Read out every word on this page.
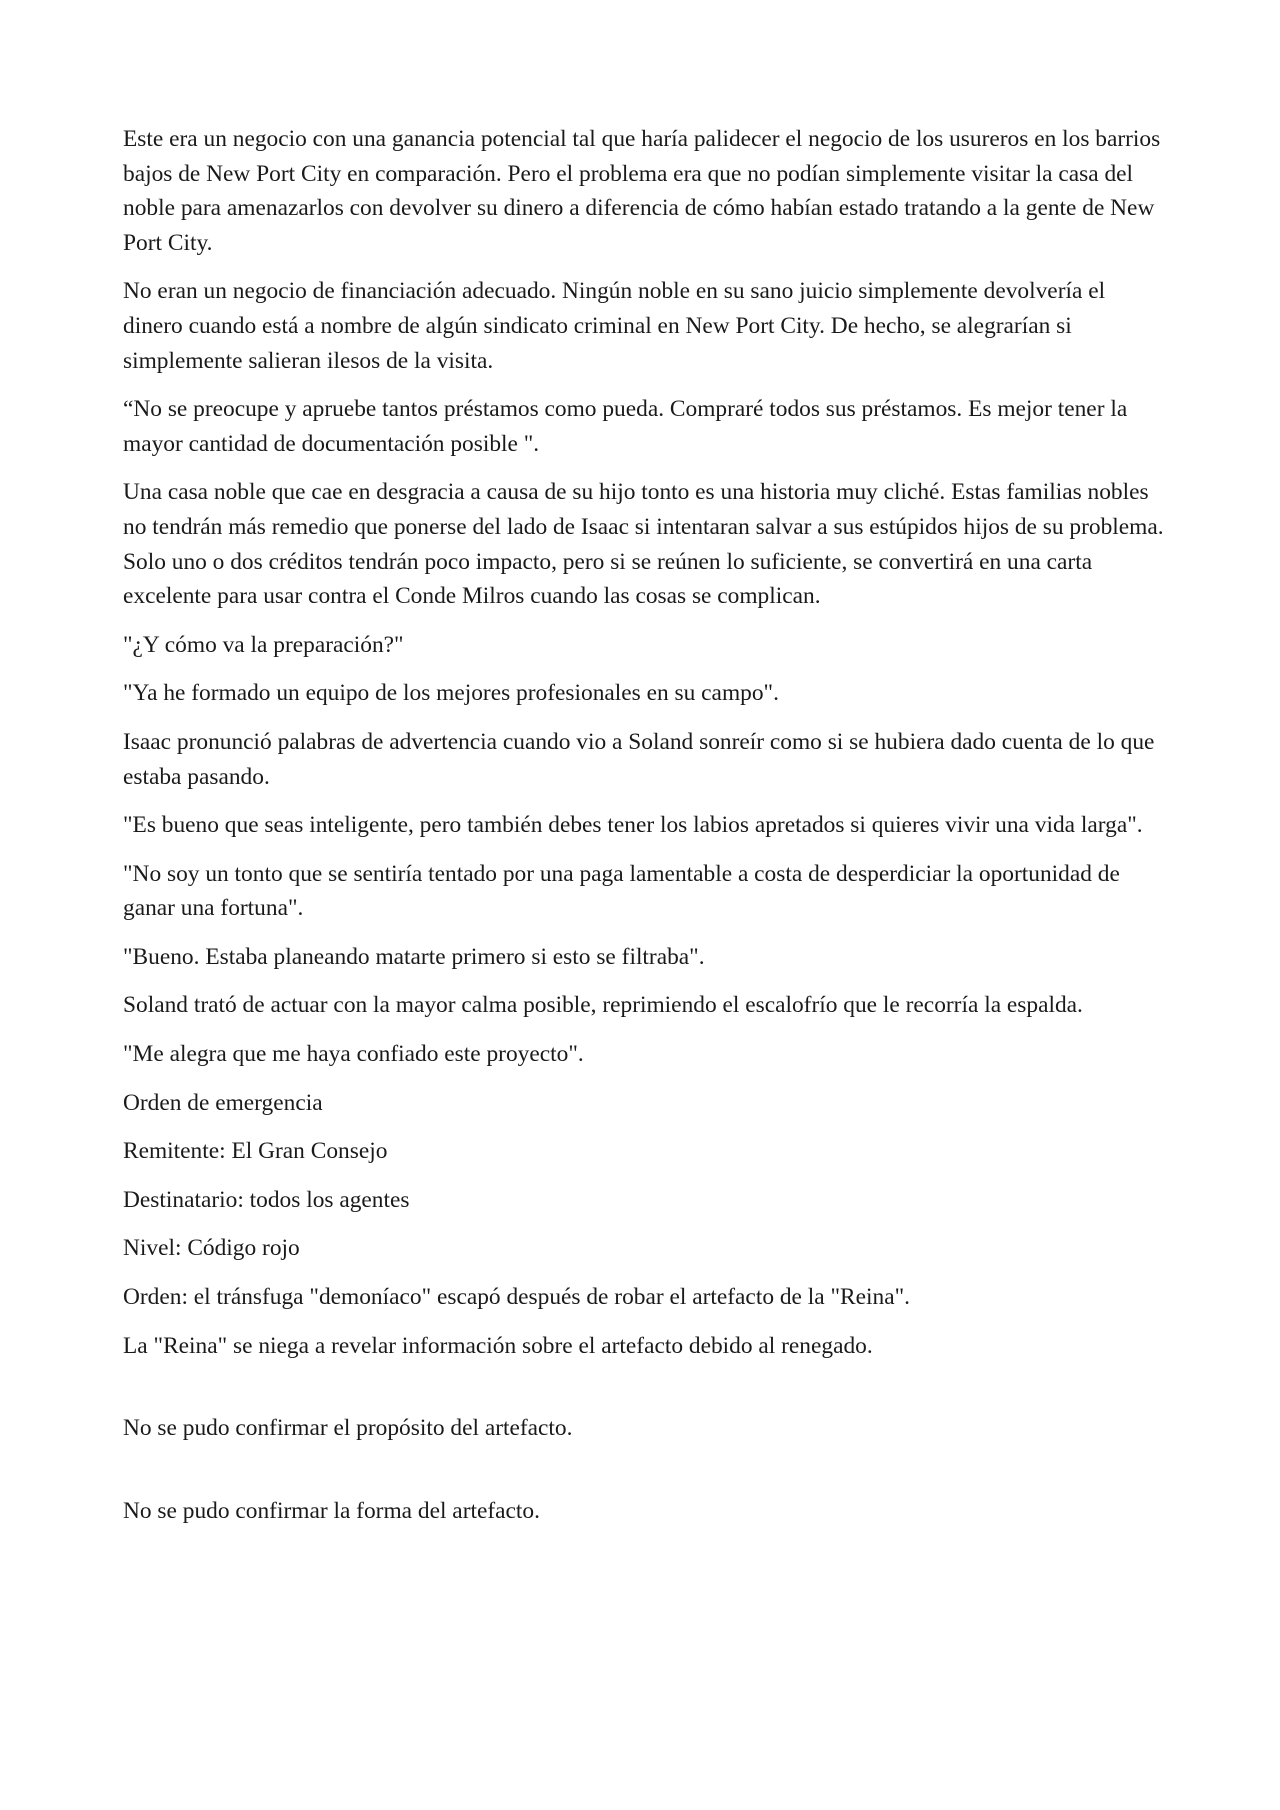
Este era un negocio con una ganancia potencial tal que haría palidecer el negocio de los usureros en los barrios bajos de New Port City en comparación. Pero el problema era que no podían simplemente visitar la casa del noble para amenazarlos con devolver su dinero a diferencia de cómo habían estado tratando a la gente de New Port City.

No eran un negocio de financiación adecuado. Ningún noble en su sano juicio simplemente devolvería el dinero cuando está a nombre de algún sindicato criminal en New Port City. De hecho, se alegrarían si simplemente salieran ilesos de la visita.

“No se preocupe y apruebe tantos préstamos como pueda. Compraré todos sus préstamos. Es mejor tener la mayor cantidad de documentación posible ".

Una casa noble que cae en desgracia a causa de su hijo tonto es una historia muy cliché. Estas familias nobles no tendrán más remedio que ponerse del lado de Isaac si intentaran salvar a sus estúpidos hijos de su problema. Solo uno o dos créditos tendrán poco impacto, pero si se reúnen lo suficiente, se convertirá en una carta excelente para usar contra el Conde Milros cuando las cosas se complican.

"¿Y cómo va la preparación?"

"Ya he formado un equipo de los mejores profesionales en su campo".

Isaac pronunció palabras de advertencia cuando vio a Soland sonreír como si se hubiera dado cuenta de lo que estaba pasando.

"Es bueno que seas inteligente, pero también debes tener los labios apretados si quieres vivir una vida larga".

"No soy un tonto que se sentiría tentado por una paga lamentable a costa de desperdiciar la oportunidad de ganar una fortuna".

"Bueno. Estaba planeando matarte primero si esto se filtraba".

Soland trató de actuar con la mayor calma posible, reprimiendo el escalofrío que le recorría la espalda.

"Me alegra que me haya confiado este proyecto".

Orden de emergencia

Remitente: El Gran Consejo

Destinatario: todos los agentes

Nivel: Código rojo

Orden: el tránsfuga "demoníaco" escapó después de robar el artefacto de la "Reina".

La "Reina" se niega a revelar información sobre el artefacto debido al renegado.

No se pudo confirmar el propósito del artefacto.

No se pudo confirmar la forma del artefacto.
